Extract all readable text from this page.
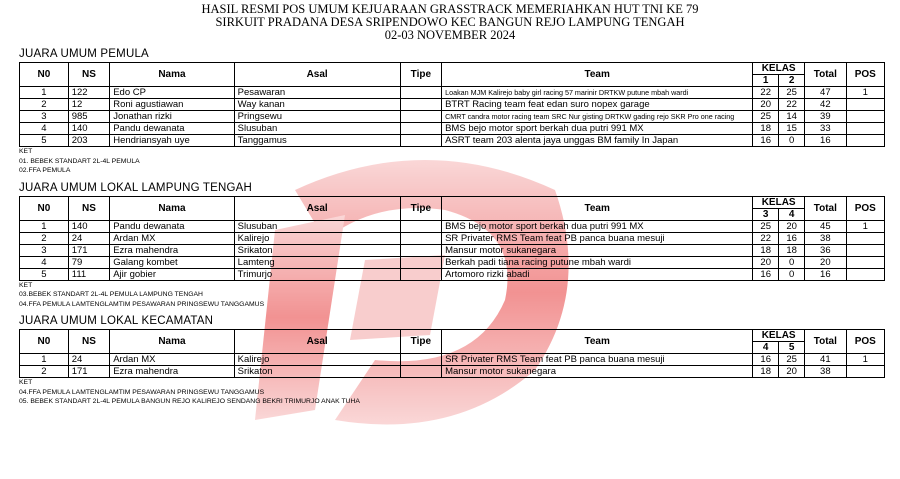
HASIL RESMI POS UMUM KEJUARAAN GRASSTRACK MEMERIAHKAN HUT TNI KE 79
SIRKUIT PRADANA DESA SRIPENDOWO KEC BANGUN REJO LAMPUNG TENGAH
02-03 NOVEMBER 2024
JUARA UMUM PEMULA
N0	NS	Nama	Asal	Tipe	Team	KELAS		Total	POS
						1	2		
1	122	Edo CP	Pesawaran		Loakan MJM Kalirejo baby girl racing 57 marinir DRTKW putune mbah wardi	22	25	47	1
2	12	Roni agustiawan	Way kanan		BTRT Racing team feat edan suro nopex garage	20	22	42	
3	985	Jonathan rizki	Pringsewu		CMRT candra motor racing team SRC Nur gisting DRTKW gading rejo SKR Pro one racing	25	14	39	
4	140	Pandu dewanata	Slusuban		BMS bejo motor sport berkah dua putri 991 MX	18	15	33	
5	203	Hendriansyah uye	Tanggamus		ASRT team 203 alenta jaya unggas BM family In Japan	16	0	16	
KET
01. BEBEK STANDART 2L-4L PEMULA
02.FFA PEMULA
JUARA UMUM LOKAL LAMPUNG TENGAH
N0	NS	Nama	Asal	Tipe	Team	KELAS		Total	POS
						3	4		
1	140	Pandu dewanata	Slusuban		BMS bejo motor sport berkah dua putri 991 MX	25	20	45	1
2	24	Ardan MX	Kalirejo		SR Privater RMS Team feat PB panca buana mesuji	22	16	38	
3	171	Ezra mahendra	Srikaton		Mansur motor sukanegara	18	18	36	
4	79	Galang kombet	Lamteng		Berkah padi tiana racing putune mbah wardi	20	0	20	
5	111	Ajir gobier	Trimurjo		Artomoro rizki abadi	16	0	16	
KET
03.BEBEK STANDART 2L-4L PEMULA LAMPUNG TENGAH
04.FFA PEMULA LAMTENGLAMTIM PESAWARAN PRINGSEWU TANGGAMUS
JUARA UMUM LOKAL KECAMATAN
N0	NS	Nama	Asal	Tipe	Team	KELAS		Total	POS
						4	5		
1	24	Ardan MX	Kalirejo		SR Privater RMS Team feat PB panca buana mesuji	16	25	41	1
2	171	Ezra mahendra	Srikaton		Mansur motor sukanegara	18	20	38	
KET
04.FFA PEMULA LAMTENGLAMTIM PESAWARAN PRINGSEWU TANGGAMUS
05. BEBEK STANDART 2L-4L PEMULA BANGUN REJO KALIREJO SENDANG BEKRI TRIMURJO ANAK TUHA
